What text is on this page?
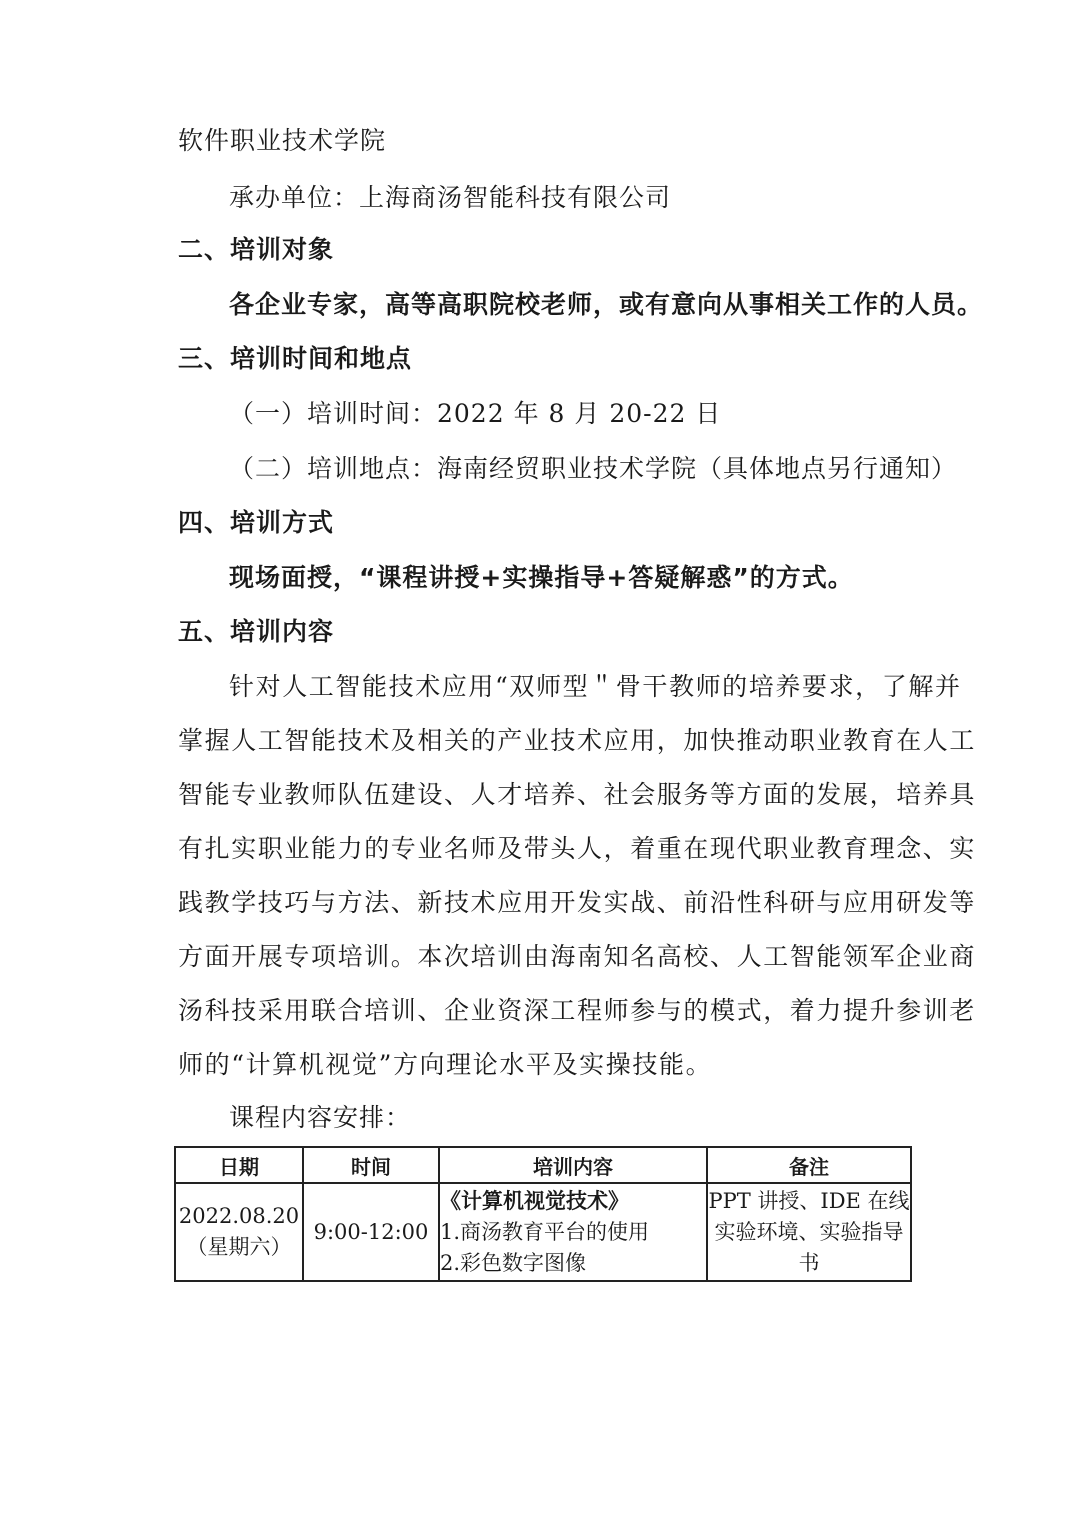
软件职业技术学院
承办单位：上海商汤智能科技有限公司
二、培训对象
各企业专家，高等高职院校老师，或有意向从事相关工作的人员。
三、培训时间和地点
（一）培训时间：2022 年 8 月 20-22 日
（二）培训地点：海南经贸职业技术学院（具体地点另行通知）
四、培训方式
现场面授，“课程讲授+实操指导+答疑解惑”的方式。
五、培训内容
针对人工智能技术应用“双师型＂骨干教师的培养要求，了解并
掌握人工智能技术及相关的产业技术应用，加快推动职业教育在人工
智能专业教师队伍建设、人才培养、社会服务等方面的发展，培养具
有扎实职业能力的专业名师及带头人，着重在现代职业教育理念、实
践教学技巧与方法、新技术应用开发实战、前沿性科研与应用研发等
方面开展专项培训。本次培训由海南知名高校、人工智能领军企业商
汤科技采用联合培训、企业资深工程师参与的模式，着力提升参训老
师的“计算机视觉”方向理论水平及实操技能。
课程内容安排：
日期	时间	培训内容	备注

2022.08.20
（星期六）	9:00-12:00	《计算机视觉技术》
1.商汤教育平台的使用
2.彩色数字图像	PPT 讲授、IDE 在线
实验环境、实验指导
书
